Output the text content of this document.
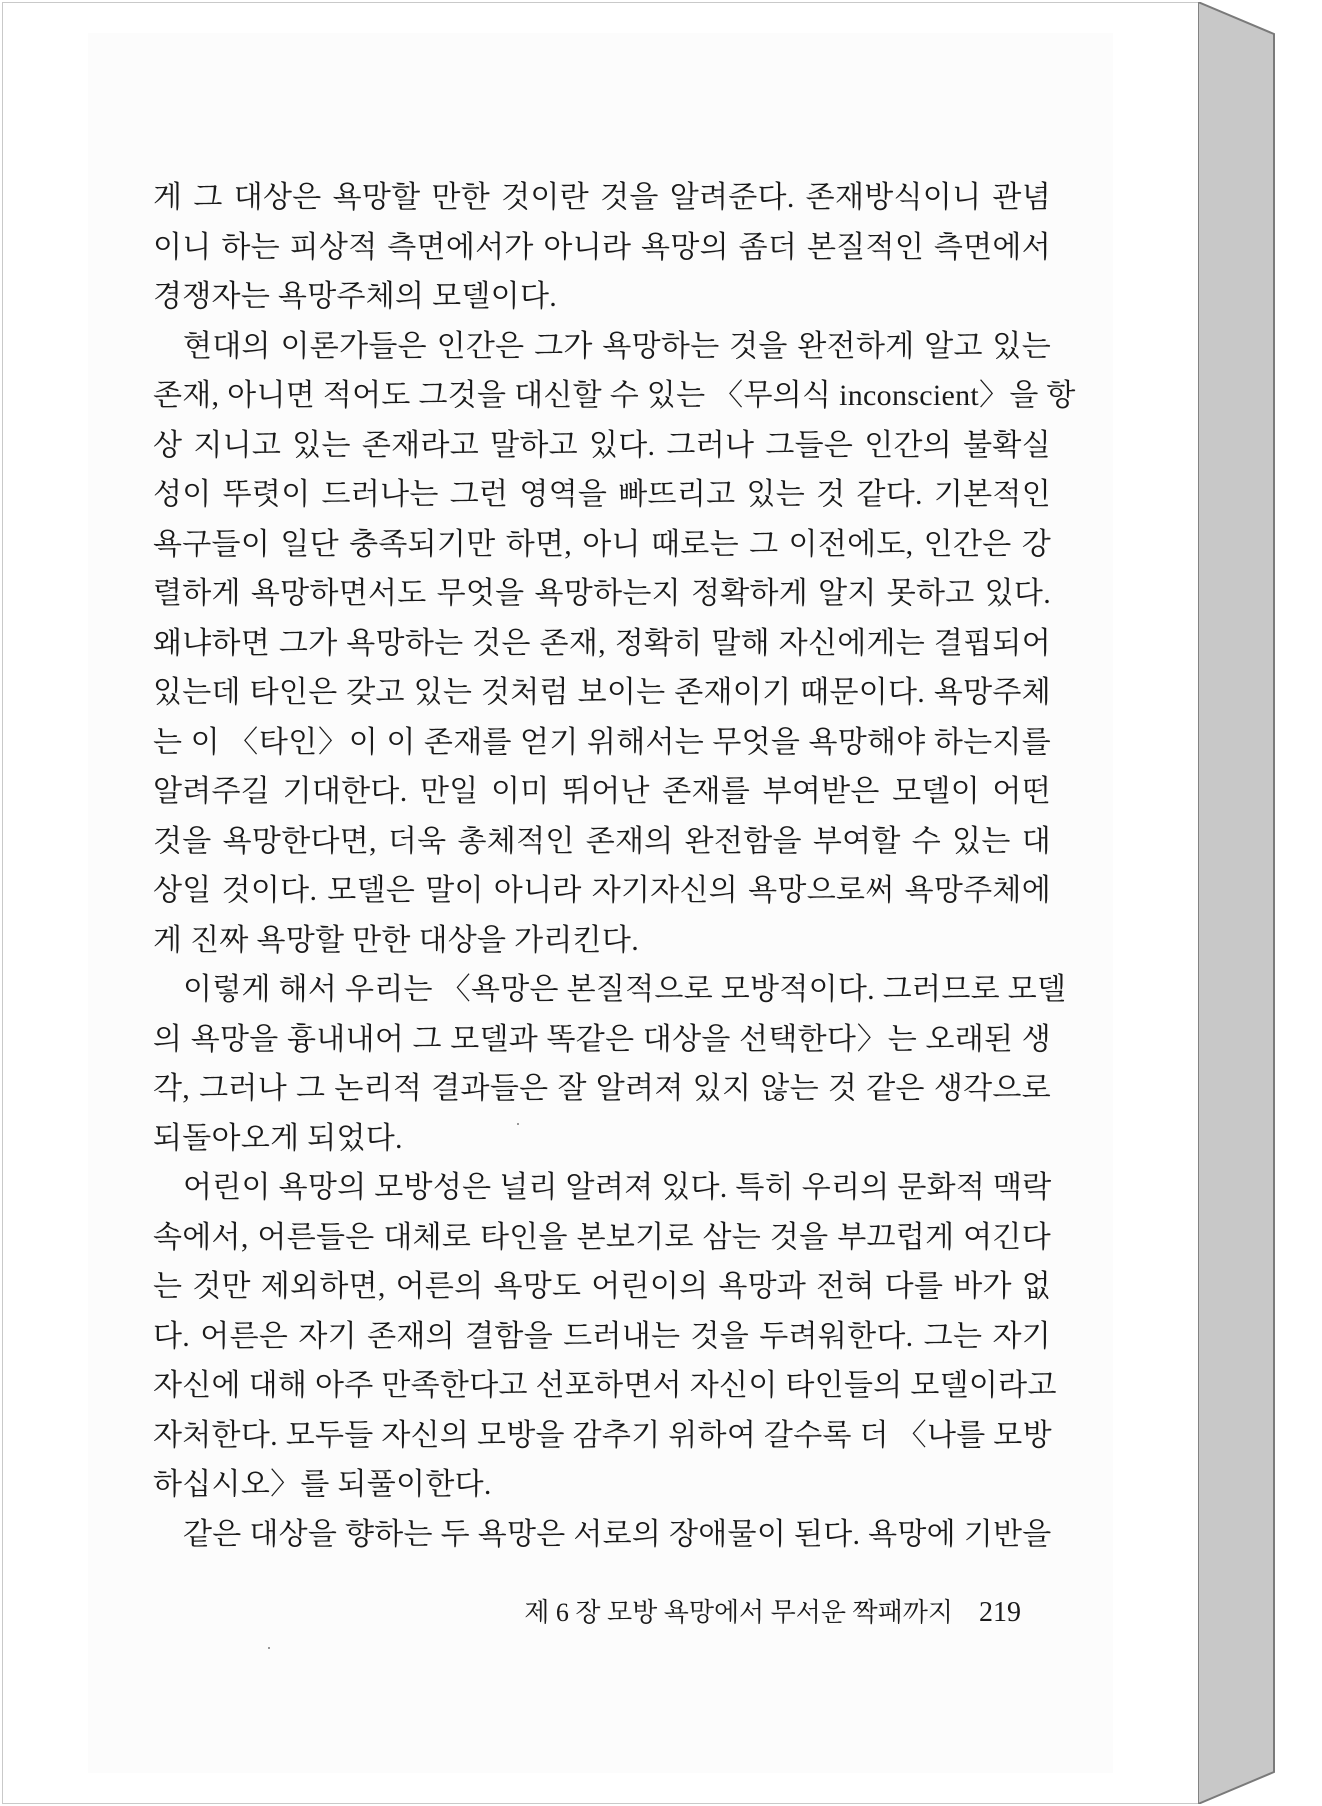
게 그 대상은 욕망할 만한 것이란 것을 알려준다. 존재방식이니 관념
이니 하는 피상적 측면에서가 아니라 욕망의 좀더 본질적인 측면에서
경쟁자는 욕망주체의 모델이다.
현대의 이론가들은 인간은 그가 욕망하는 것을 완전하게 알고 있는
존재, 아니면 적어도 그것을 대신할 수 있는 〈무의식 inconscient〉을 항
상 지니고 있는 존재라고 말하고 있다. 그러나 그들은 인간의 불확실
성이 뚜렷이 드러나는 그런 영역을 빠뜨리고 있는 것 같다. 기본적인
욕구들이 일단 충족되기만 하면, 아니 때로는 그 이전에도, 인간은 강
렬하게 욕망하면서도 무엇을 욕망하는지 정확하게 알지 못하고 있다.
왜냐하면 그가 욕망하는 것은 존재, 정확히 말해 자신에게는 결핍되어
있는데 타인은 갖고 있는 것처럼 보이는 존재이기 때문이다. 욕망주체
는 이 〈타인〉이 이 존재를 얻기 위해서는 무엇을 욕망해야 하는지를
알려주길 기대한다. 만일 이미 뛰어난 존재를 부여받은 모델이 어떤
것을 욕망한다면, 더욱 총체적인 존재의 완전함을 부여할 수 있는 대
상일 것이다. 모델은 말이 아니라 자기자신의 욕망으로써 욕망주체에
게 진짜 욕망할 만한 대상을 가리킨다.
이렇게 해서 우리는 〈욕망은 본질적으로 모방적이다. 그러므로 모델
의 욕망을 흉내내어 그 모델과 똑같은 대상을 선택한다〉는 오래된 생
각, 그러나 그 논리적 결과들은 잘 알려져 있지 않는 것 같은 생각으로
되돌아오게 되었다.
어린이 욕망의 모방성은 널리 알려져 있다. 특히 우리의 문화적 맥락
속에서, 어른들은 대체로 타인을 본보기로 삼는 것을 부끄럽게 여긴다
는 것만 제외하면, 어른의 욕망도 어린이의 욕망과 전혀 다를 바가 없
다. 어른은 자기 존재의 결함을 드러내는 것을 두려워한다. 그는 자기
자신에 대해 아주 만족한다고 선포하면서 자신이 타인들의 모델이라고
자처한다. 모두들 자신의 모방을 감추기 위하여 갈수록 더 〈나를 모방
하십시오〉를 되풀이한다.
같은 대상을 향하는 두 욕망은 서로의 장애물이 된다. 욕망에 기반을
제 6 장 모방 욕망에서 무서운 짝패까지 219
